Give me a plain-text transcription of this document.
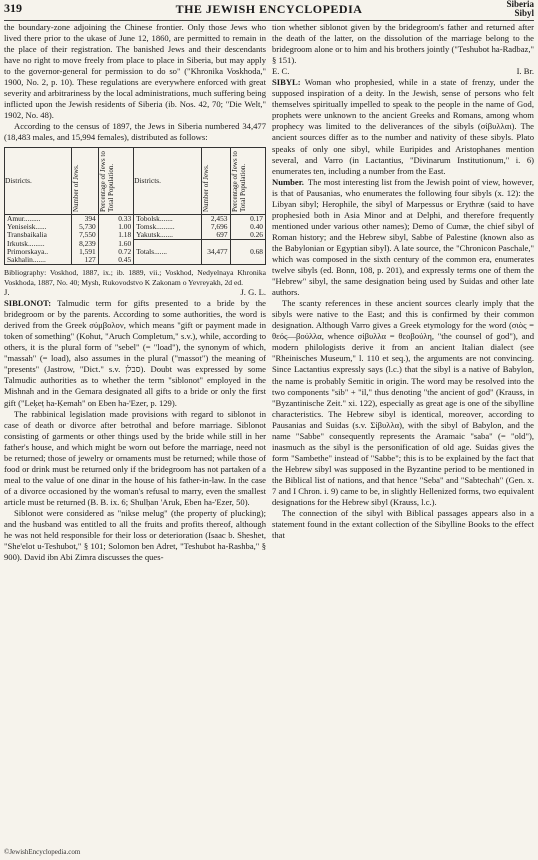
319	THE JEWISH ENCYCLOPEDIA	Siberia
Sibyl

the boundary-zone adjoining the Chinese frontier. Only those Jews who lived there prior to the ukase of June 12, 1860, are permitted to remain in the place of their registration. The banished Jews and their descendants have no right to move freely from place to place in Siberia, but may apply to the governor-general for permission to do so" ("Khronika Voskhoda," 1900, No. 2, p. 10). These regulations are everywhere enforced with great severity and arbitrariness by the local administrations, much suffering being inflicted upon the Jewish residents of Siberia (ib. Nos. 42, 70; "Die Welt," 1902, No. 48).

According to the census of 1897, the Jews in Siberia numbered 34,477 (18,483 males, and 15,994 females), distributed as follows:

Districts.	Number of Jews.	Percentage of Jews to Total Population.	Districts.	Number of Jews.	Percentage of Jews to Total Population.
Amur.........	394	0.33	Tobolsk.......	2,453	0.17
Yeniseisk......	5,730	1.00	Tomsk..........	7,696	0.40
Transbaikalia	7,550	1.18	Yakutsk.......	697	0.26
Irkutsk.........	8,239	1.60			
Primorskaya..	1,591	0.72	Totals.......	34,477	0.68
Sakhalin.......	127	0.45			

Bibliography: Voskhod, 1887, ix.; ib. 1889, vii.; Voskhod, Nedyelnaya Khronika Voskhoda, 1887, No. 40; Mysh, Rukovodstvo K Zakonam o Yevreyakh, 2d ed.

J.	J. G. L.

SIBLONOT: Talmudic term for gifts presented to a bride by the bridegroom or by the parents. According to some authorities, the word is derived from the Greek σύμβολον, which means "gift or payment made in token of something" (Kohut, "Aruch Completum," s.v.), while, according to others, it is the plural form of "sebel" (= "load"), the synonym of which, "massah" (= load), also assumes in the plural ("massot") the meaning of "presents" (Jastrow, "Dict." s.v. סבלן). Doubt was expressed by some Talmudic authorities as to whether the term "siblonot" employed in the Mishnah and in the Gemara designated all gifts to a bride or only the first gift ("Leḳeṭ ha-Ḳemah" on Eben ha-'Ezer, p. 129).

The rabbinical legislation made provisions with regard to siblonot in case of death or divorce after betrothal and before marriage. Siblonot consisting of garments or other things used by the bride while still in her father's house, and which might be worn out before the marriage, need not be returned; those of jewelry or ornaments must be returned; while those of food or drink must be returned only if the bridegroom has not partaken of a meal to the value of one dinar in the house of his father-in-law. In the case of a divorce occasioned by the woman's refusal to marry, even the smallest article must be returned (B. B. ix. 6; Shulḥan 'Aruk, Eben ha-'Ezer, 50).

Siblonot were considered as "nikse melug" (the property of plucking); and the husband was entitled to all the fruits and profits thereof, although he was not held responsible for their loss or deterioration (Isaac b. Sheshet, "She'elot u-Teshubot," § 101; Solomon ben Adret, "Teshubot ha-Rashba," § 900). David ibn Abi Zimra discusses the ques-

tion whether siblonot given by the bridegroom's father and returned after the death of the latter, on the dissolution of the marriage belong to the bridegroom alone or to him and his brothers jointly ("Teshubot ha-Radbaz," § 151).

E. C.	I. Br.

SIBYL: Woman who prophesied, while in a state of frenzy, under the supposed inspiration of a deity. In the Jewish, sense of persons who felt themselves spiritually impelled to speak to the people in the name of God, prophets were unknown to the ancient Greeks and Romans, among whom prophecy was limited to the deliverances of the sibyls (σίβυλλαι). The ancient sources differ as to the number and nativity of these sibyls. Plato speaks of only one sibyl, while Euripides and Aristophanes mention several, and Varro (in Lactantius, "Divinarum Institutionum," i. 6) enumerates ten, including a number from the East.

Number. The most interesting list from the Jewish point of view, however, is that of Pausanias, who enumerates the following four sibyls (x. 12): the Libyan sibyl; Herophile, the sibyl of Marpessus or Erythræ (said to have prophesied both in Asia Minor and at Delphi, and therefore frequently mentioned under various other names); Demo of Cumæ, the chief sibyl of Roman history; and the Hebrew sibyl, Sabbe of Palestine (known also as the Babylonian or Egyptian sibyl). A late source, the "Chronicon Paschale," which was composed in the sixth century of the common era, enumerates twelve sibyls (ed. Bonn, 108, p. 201), and expressly terms one of them the "Hebrew" sibyl, the same designation being used by Suidas and other late authors.

The scanty references in these ancient sources clearly imply that the sibyls were native to the East; and this is confirmed by their common designation. Although Varro gives a Greek etymology for the word (σιὸς = θεός—βούλλα, whence σίβυλλα = θεοβούλη, "the counsel of god"), and modern philologists derive it from an ancient Italian dialect (see "Rheinisches Museum," l. 110 et seq.), the arguments are not convincing. Since Lactantius expressly says (l.c.) that the sibyl is a native of Babylon, the name is probably Semitic in origin. The word may be resolved into the two components "sib" + "il," thus denoting "the ancient of god" (Krauss, in "Byzantinische Zeit." xi. 122), especially as great age is one of the sibylline characteristics. The Hebrew sibyl is identical, moreover, according to Pausanias and Suidas (s.v. Σίβυλλα), with the sibyl of Babylon, and the name "Sabbe" consequently represents the Aramaic "saba" (= "old"), inasmuch as the sibyl is the personification of old age. Suidas gives the form "Sambethe" instead of "Sabbe"; this is to be explained by the fact that the Hebrew sibyl was supposed in the Byzantine period to be mentioned in the Biblical list of nations, and that hence "Seba" and "Sabtechah" (Gen. x. 7 and I Chron. i. 9) came to be, in slightly Hellenized forms, two equivalent designations for the Hebrew sibyl (Krauss, l.c.).

The connection of the sibyl with Biblical passages appears also in a statement found in the extant collection of the Sibylline Books to the effect that

©JewishEncyclopedia.com
